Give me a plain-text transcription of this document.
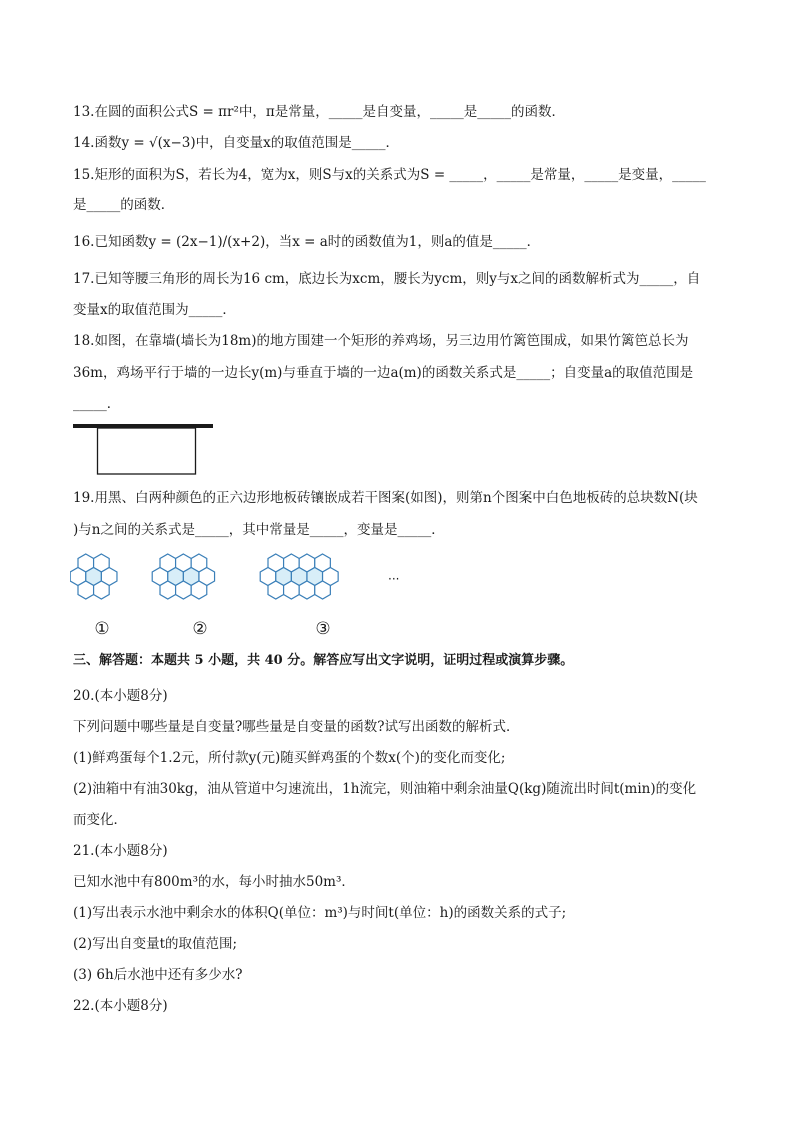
13.在圆的面积公式S = πr²中，π是常量，_____是自变量，_____是_____的函数．
14.函数y = √(x−3)中，自变量x的取值范围是_____．
15.矩形的面积为S，若长为4，宽为x，则S与x的关系式为S = _____，_____是常量，_____是变量，_____
是_____的函数．
16.已知函数y = (2x−1)/(x+2)，当x = a时的函数值为1，则a的值是_____．
17.已知等腰三角形的周长为16 cm，底边长为xcm，腰长为ycm，则y与x之间的函数解析式为_____，自
变量x的取值范围为_____．
18.如图，在靠墙(墙长为18m)的地方围建一个矩形的养鸡场，另三边用竹篱笆围成，如果竹篱笆总长为
36m，鸡场平行于墙的一边长y(m)与垂直于墙的一边a(m)的函数关系式是_____；自变量a的取值范围是
_____．
19.用黑、白两种颜色的正六边形地板砖镶嵌成若干图案(如图)，则第n个图案中白色地板砖的总块数N(块
)与n之间的关系式是_____，其中常量是_____，变量是_____．
①	②	③
···
三、解答题：本题共 5 小题，共 40 分。解答应写出文字说明，证明过程或演算步骤。
20.(本小题8分)
下列问题中哪些量是自变量?哪些量是自变量的函数?试写出函数的解析式．
(1)鲜鸡蛋每个1.2元，所付款y(元)随买鲜鸡蛋的个数x(个)的变化而变化;
(2)油箱中有油30kg，油从管道中匀速流出，1h流完，则油箱中剩余油量Q(kg)随流出时间t(min)的变化
而变化．
21.(本小题8分)
已知水池中有800m³的水，每小时抽水50m³．
(1)写出表示水池中剩余水的体积Q(单位：m³)与时间t(单位：h)的函数关系的式子;
(2)写出自变量t的取值范围;
(3) 6h后水池中还有多少水?
22.(本小题8分)
